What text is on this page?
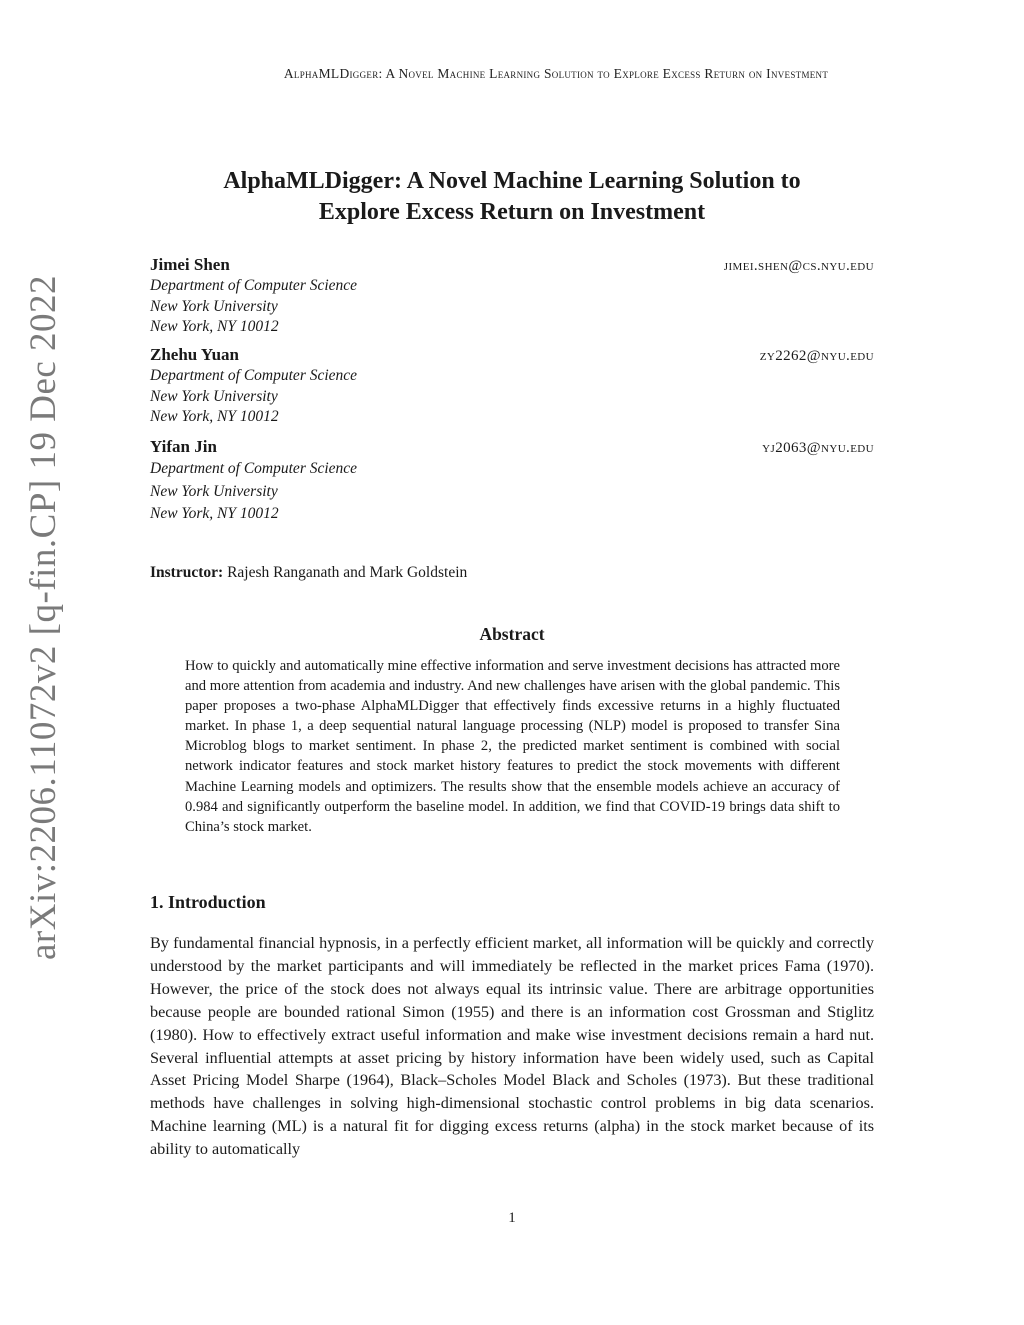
AlphaMLDigger: A Novel Machine Learning Solution to Explore Excess Return on Investment
arXiv:2206.11072v2 [q-fin.CP] 19 Dec 2022
AlphaMLDigger: A Novel Machine Learning Solution to
Explore Excess Return on Investment
Jimei Shen	jimei.shen@cs.nyu.edu
Department of Computer Science
New York University
New York, NY 10012
Zhehu Yuan	zy2262@nyu.edu
Department of Computer Science
New York University
New York, NY 10012
Yifan Jin	yj2063@nyu.edu
Department of Computer Science
New York University
New York, NY 10012
Instructor: Rajesh Ranganath and Mark Goldstein
Abstract
How to quickly and automatically mine effective information and serve investment decisions has attracted more and more attention from academia and industry. And new challenges have arisen with the global pandemic. This paper proposes a two-phase AlphaMLDigger that effectively finds excessive returns in a highly fluctuated market. In phase 1, a deep sequential natural language processing (NLP) model is proposed to transfer Sina Microblog blogs to market sentiment. In phase 2, the predicted market sentiment is combined with social network indicator features and stock market history features to predict the stock movements with different Machine Learning models and optimizers. The results show that the ensemble models achieve an accuracy of 0.984 and significantly outperform the baseline model. In addition, we find that COVID-19 brings data shift to China’s stock market.
1. Introduction
By fundamental financial hypnosis, in a perfectly efficient market, all information will be quickly and correctly understood by the market participants and will immediately be reflected in the market prices Fama (1970). However, the price of the stock does not always equal its intrinsic value. There are arbitrage opportunities because people are bounded rational Simon (1955) and there is an information cost Grossman and Stiglitz (1980). How to effectively extract useful information and make wise investment decisions remain a hard nut. Several influential attempts at asset pricing by history information have been widely used, such as Capital Asset Pricing Model Sharpe (1964), Black–Scholes Model Black and Scholes (1973). But these traditional methods have challenges in solving high-dimensional stochastic control problems in big data scenarios. Machine learning (ML) is a natural fit for digging excess returns (alpha) in the stock market because of its ability to automatically
1
